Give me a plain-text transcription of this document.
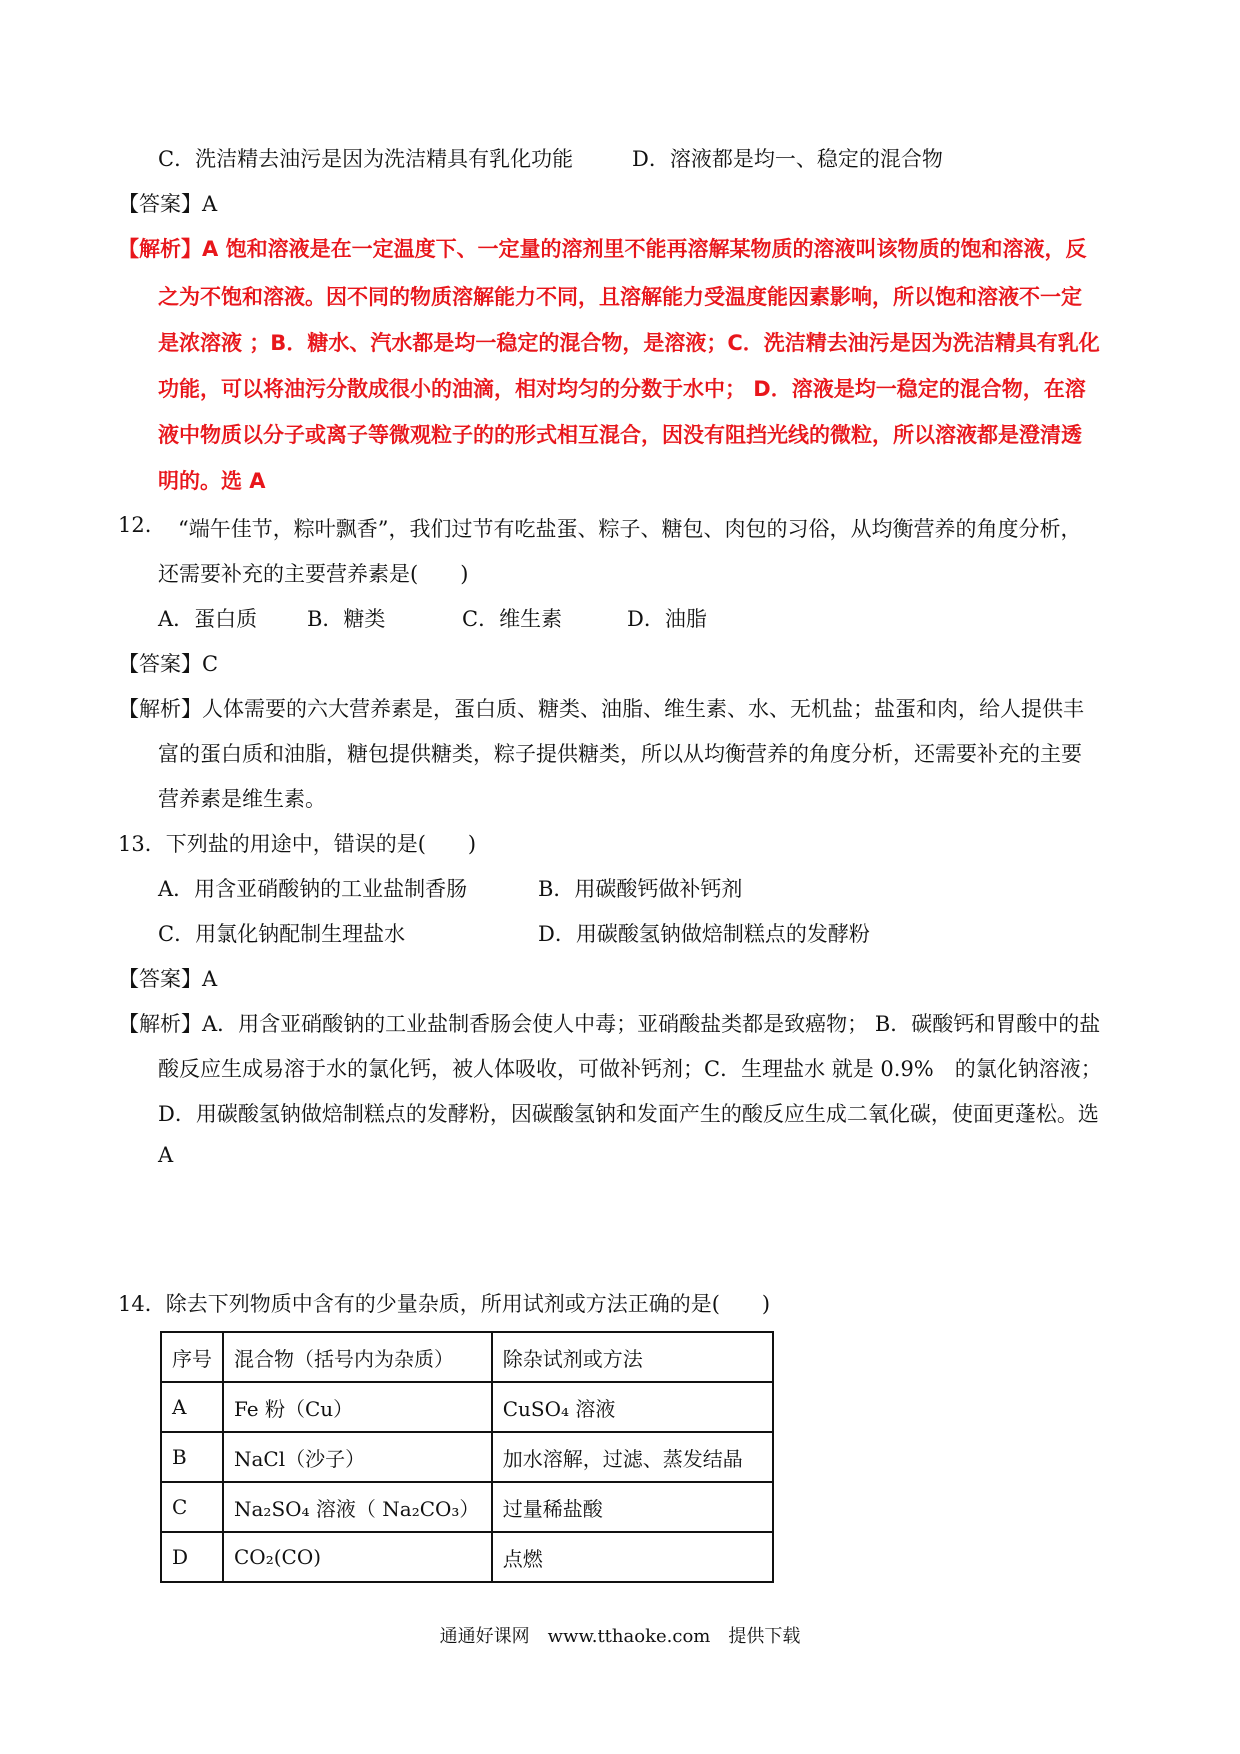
C．洗洁精去油污是因为洗洁精具有乳化功能	D．溶液都是均一、稳定的混合物
【答案】A
【解析】A 饱和溶液是在一定温度下、一定量的溶剂里不能再溶解某物质的溶液叫该物质的饱和溶液，反
之为不饱和溶液。因不同的物质溶解能力不同，且溶解能力受温度能因素影响，所以饱和溶液不一定
是浓溶液 ；B．糖水、汽水都是均一稳定的混合物，是溶液；C．洗洁精去油污是因为洗洁精具有乳化
功能，可以将油污分散成很小的油滴，相对均匀的分数于水中； D．溶液是均一稳定的混合物，在溶
液中物质以分子或离子等微观粒子的的形式相互混合，因没有阻挡光线的微粒，所以溶液都是澄清透
明的。选 A
12. “端午佳节，粽叶飘香”，我们过节有吃盐蛋、粽子、糖包、肉包的习俗，从均衡营养的角度分析，
还需要补充的主要营养素是(　　)
A．蛋白质 B．糖类	C．维生素	D．油脂
【答案】C
【解析】人体需要的六大营养素是，蛋白质、糖类、油脂、维生素、水、无机盐；盐蛋和肉，给人提供丰
富的蛋白质和油脂，糖包提供糖类，粽子提供糖类，所以从均衡营养的角度分析，还需要补充的主要
营养素是维生素。
13．下列盐的用途中，错误的是(　　)
A．用含亚硝酸钠的工业盐制香肠	B．用碳酸钙做补钙剂
C．用氯化钠配制生理盐水	D．用碳酸氢钠做焙制糕点的发酵粉
【答案】A
【解析】A．用含亚硝酸钠的工业盐制香肠会使人中毒；亚硝酸盐类都是致癌物； B．碳酸钙和胃酸中的盐
酸反应生成易溶于水的氯化钙，被人体吸收，可做补钙剂；C．生理盐水 就是 0.9%　的氯化钠溶液；
D．用碳酸氢钠做焙制糕点的发酵粉，因碳酸氢钠和发面产生的酸反应生成二氧化碳，使面更蓬松。选
A
14．除去下列物质中含有的少量杂质，所用试剂或方法正确的是(　　)
序号	混合物（括号内为杂质）	除杂试剂或方法
A	Fe 粉（Cu）	CuSO₄ 溶液
B	NaCl（沙子）	加水溶解，过滤、蒸发结晶
C	Na₂SO₄ 溶液（ Na₂CO₃）	过量稀盐酸
D	CO₂(CO)	点燃
通通好课网　www.tthaoke.com　提供下载
